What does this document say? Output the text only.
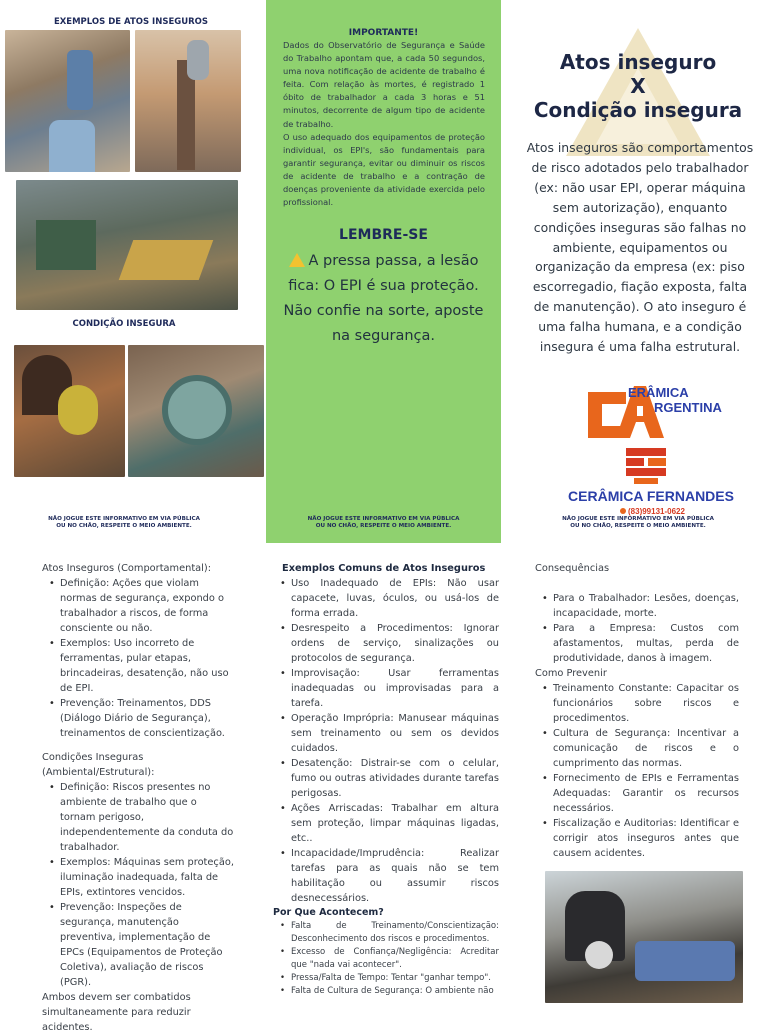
EXEMPLOS DE ATOS INSEGUROS
CONDIÇÃO INSEGURA
NÃO JOGUE ESTE INFORMATIVO EM VIA PÚBLICA
OU NO CHÃO, RESPEITE O MEIO AMBIENTE.
IMPORTANTE!
Dados do Observatório de Segurança e Saúde do Trabalho apontam que, a cada 50 segundos, uma nova notificação de acidente de trabalho é feita. Com relação às mortes, é registrado 1 óbito de trabalhador a cada 3 horas e 51 minutos, decorrente de algum tipo de acidente de trabalho.
O uso adequado dos equipamentos de proteção individual, os EPI's, são fundamentais para garantir segurança, evitar ou diminuir os riscos de acidente de trabalho e a contração de doenças proveniente da atividade exercida pelo profissional.
LEMBRE-SE
A pressa passa, a lesão fica: O EPI é sua proteção. Não confie na sorte, aposte na segurança.
NÃO JOGUE ESTE INFORMATIVO EM VIA PÚBLICA
OU NO CHÃO, RESPEITE O MEIO AMBIENTE.
Atos inseguro
X
Condição insegura
Atos inseguros são comportamentos de risco adotados pelo trabalhador (ex: não usar EPI, operar máquina sem autorização), enquanto condições inseguras são falhas no ambiente, equipamentos ou organização da empresa (ex: piso escorregadio, fiação exposta, falta de manutenção). O ato inseguro é uma falha humana, e a condição insegura é uma falha estrutural.
ERÂMICA
RGENTINA
CERÂMICA FERNANDES
(83)99131-0622
NÃO JOGUE ESTE INFORMATIVO EM VIA PÚBLICA
OU NO CHÃO, RESPEITE O MEIO AMBIENTE.
Atos Inseguros (Comportamental):
• Definição: Ações que violam normas de segurança, expondo o trabalhador a riscos, de forma consciente ou não.
• Exemplos: Uso incorreto de ferramentas, pular etapas, brincadeiras, desatenção, não uso de EPI.
• Prevenção: Treinamentos, DDS (Diálogo Diário de Segurança), treinamentos de conscientização.
Condições Inseguras
(Ambiental/Estrutural):
• Definição: Riscos presentes no ambiente de trabalho que o tornam perigoso, independentemente da conduta do trabalhador.
• Exemplos: Máquinas sem proteção, iluminação inadequada, falta de EPIs, extintores vencidos.
• Prevenção: Inspeções de segurança, manutenção preventiva, implementação de EPCs (Equipamentos de Proteção Coletiva), avaliação de riscos (PGR).
Ambos devem ser combatidos simultaneamente para reduzir acidentes.
Exemplos Comuns de Atos Inseguros
• Uso Inadequado de EPIs: Não usar capacete, luvas, óculos, ou usá-los de forma errada.
• Desrespeito a Procedimentos: Ignorar ordens de serviço, sinalizações ou protocolos de segurança.
• Improvisação: Usar ferramentas inadequadas ou improvisadas para a tarefa.
• Operação Imprópria: Manusear máquinas sem treinamento ou sem os devidos cuidados.
• Desatenção: Distrair-se com o celular, fumo ou outras atividades durante tarefas perigosas.
• Ações Arriscadas: Trabalhar em altura sem proteção, limpar máquinas ligadas, etc..
• Incapacidade/Imprudência: Realizar tarefas para as quais não se tem habilitação ou assumir riscos desnecessários.
Por Que Acontecem?
• Falta de Treinamento/Conscientização: Desconhecimento dos riscos e procedimentos.
• Excesso de Confiança/Negligência: Acreditar que "nada vai acontecer".
• Pressa/Falta de Tempo: Tentar "ganhar tempo".
• Falta de Cultura de Segurança: O ambiente não
Consequências
• Para o Trabalhador: Lesões, doenças, incapacidade, morte.
• Para a Empresa: Custos com afastamentos, multas, perda de produtividade, danos à imagem.
Como Prevenir
• Treinamento Constante: Capacitar os funcionários sobre riscos e procedimentos.
• Cultura de Segurança: Incentivar a comunicação de riscos e o cumprimento das normas.
• Fornecimento de EPIs e Ferramentas Adequadas: Garantir os recursos necessários.
• Fiscalização e Auditorias: Identificar e corrigir atos inseguros antes que causem acidentes.
